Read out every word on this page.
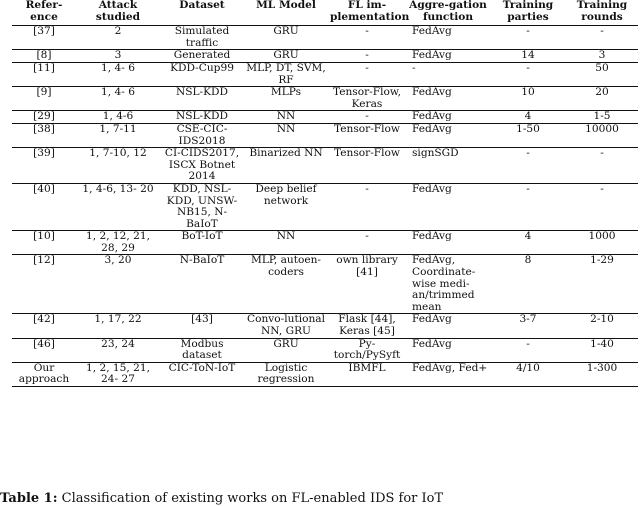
Refer-ence	Attack studied	Dataset	ML Model	FL im-plementation	Aggre-gation function	Training parties	Training rounds
[37]	2	Simulated traffic	GRU	-	FedAvg	-	-
[8]	3	Generated	GRU	-	FedAvg	14	3
[11]	1, 4- 6	KDD-Cup99	MLP, DT, SVM, RF	-	-	-	50
[9]	1, 4- 6	NSL-KDD	MLPs	Tensor-Flow, Keras	FedAvg	10	20
[29]	1, 4-6	NSL-KDD	NN	-	FedAvg	4	1-5
[38]	1, 7-11	CSE-CIC-IDS2018	NN	Tensor-Flow	FedAvg	1-50	10000
[39]	1, 7-10, 12	CI-CIDS2017, ISCX Botnet 2014	Binarized NN	Tensor-Flow	signSGD	-	-
[40]	1, 4-6, 13- 20	KDD, NSL-KDD, UNSW-NB15, N-BaIoT	Deep belief network	-	FedAvg	-	-
[10]	1, 2, 12, 21, 28, 29	BoT-IoT	NN	-	FedAvg	4	1000
[12]	3, 20	N-BaIoT	MLP, autoen-coders	own library [41]	FedAvg, Coordinate-wise medi-an/trimmed mean	8	1-29
[42]	1, 17, 22	[43]	Convo-lutional NN, GRU	Flask [44], Keras [45]	FedAvg	3-7	2-10
[46]	23, 24	Modbus dataset	GRU	Py-torch/PySyft	FedAvg	-	1-40
Our approach	1, 2, 15, 21, 24- 27	CIC-ToN-IoT	Logistic regression	IBMFL	FedAvg, Fed+	4/10	1-300
Table 1: Classification of existing works on FL-enabled IDS for IoT
